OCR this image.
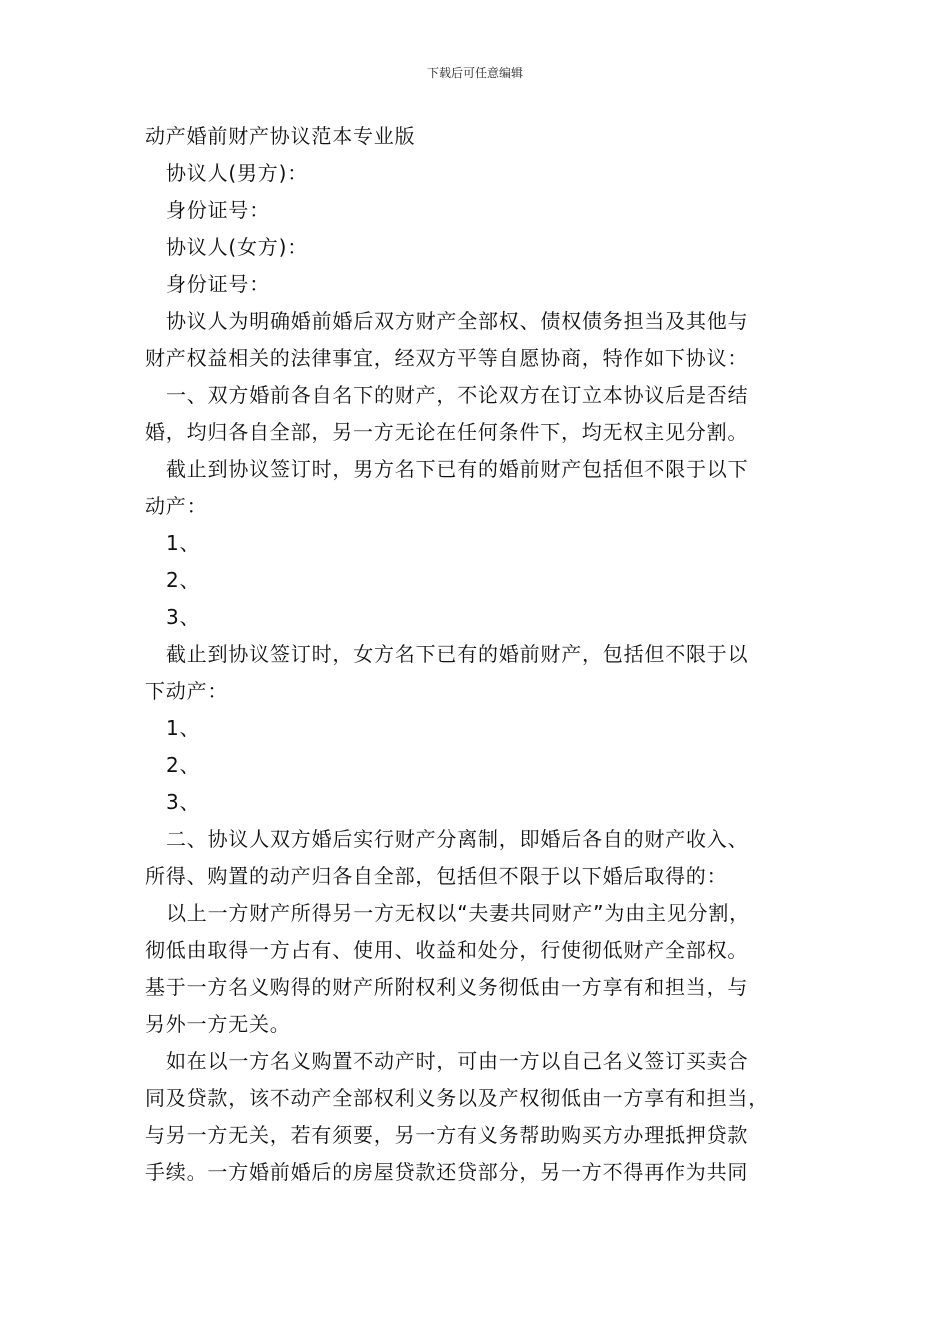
下载后可任意编辑
动产婚前财产协议范本专业版
协议人(男方)：
身份证号：
协议人(女方)：
身份证号：
协议人为明确婚前婚后双方财产全部权、债权债务担当及其他与
财产权益相关的法律事宜，经双方平等自愿协商，特作如下协议：
一、双方婚前各自名下的财产，不论双方在订立本协议后是否结
婚，均归各自全部，另一方无论在任何条件下，均无权主见分割。
截止到协议签订时，男方名下已有的婚前财产包括但不限于以下
动产：
1、
2、
3、
截止到协议签订时，女方名下已有的婚前财产，包括但不限于以
下动产：
1、
2、
3、
二、协议人双方婚后实行财产分离制，即婚后各自的财产收入、
所得、购置的动产归各自全部，包括但不限于以下婚后取得的：
以上一方财产所得另一方无权以“夫妻共同财产”为由主见分割，
彻低由取得一方占有、使用、收益和处分，行使彻低财产全部权。
基于一方名义购得的财产所附权利义务彻低由一方享有和担当，与
另外一方无关。
如在以一方名义购置不动产时，可由一方以自己名义签订买卖合
同及贷款，该不动产全部权利义务以及产权彻低由一方享有和担当，
与另一方无关，若有须要，另一方有义务帮助购买方办理抵押贷款
手续。一方婚前婚后的房屋贷款还贷部分，另一方不得再作为共同
